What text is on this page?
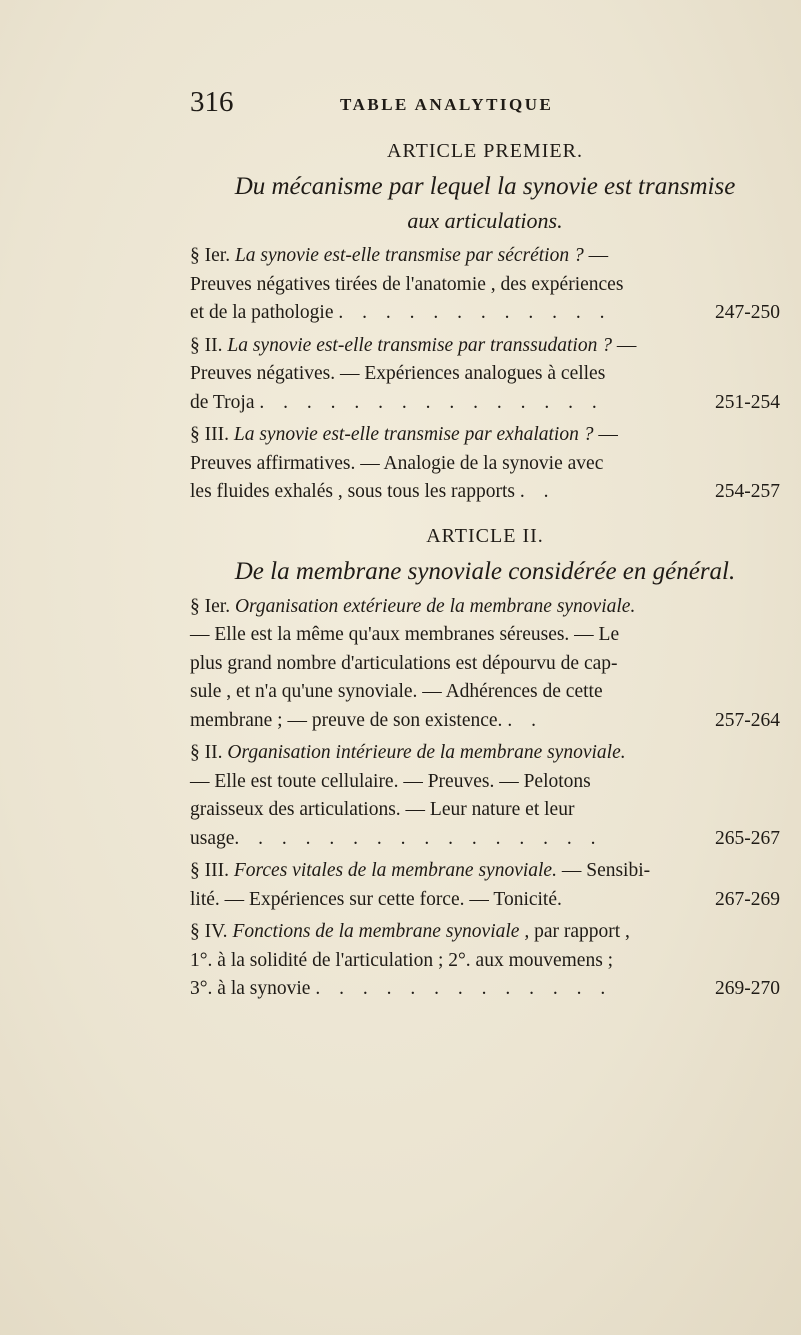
316	TABLE ANALYTIQUE
ARTICLE PREMIER.
Du mécanisme par lequel la synovie est transmise
aux articulations.
§ Ier. La synovie est-elle transmise par sécrétion ? —
Preuves négatives tirées de l'anatomie , des expériences
et de la pathologie . . . . . . . . . . . .	247-250
§ II. La synovie est-elle transmise par transsudation ? —
Preuves négatives. — Expériences analogues à celles
de Troja . . . . . . . . . . . . . . .	251-254
§ III. La synovie est-elle transmise par exhalation ? —
Preuves affirmatives. — Analogie de la synovie avec
les fluides exhalés , sous tous les rapports . .	254-257
ARTICLE II.
De la membrane synoviale considérée en général.
§ Ier. Organisation extérieure de la membrane synoviale.
— Elle est la même qu'aux membranes séreuses. — Le
plus grand nombre d'articulations est dépourvu de cap-
sule , et n'a qu'une synoviale. — Adhérences de cette
membrane ; — preuve de son existence. . .	257-264
§ II. Organisation intérieure de la membrane synoviale.
— Elle est toute cellulaire. — Preuves. — Pelotons
graisseux des articulations. — Leur nature et leur
usage. . . . . . . . . . . . . . . .	265-267
§ III. Forces vitales de la membrane synoviale. — Sensibi-
lité. — Expériences sur cette force. — Tonicité.	267-269
§ IV. Fonctions de la membrane synoviale , par rapport ,
1°. à la solidité de l'articulation ; 2°. aux mouvemens ;
3°. à la synovie . . . . . . . . . . . . .	269-270
